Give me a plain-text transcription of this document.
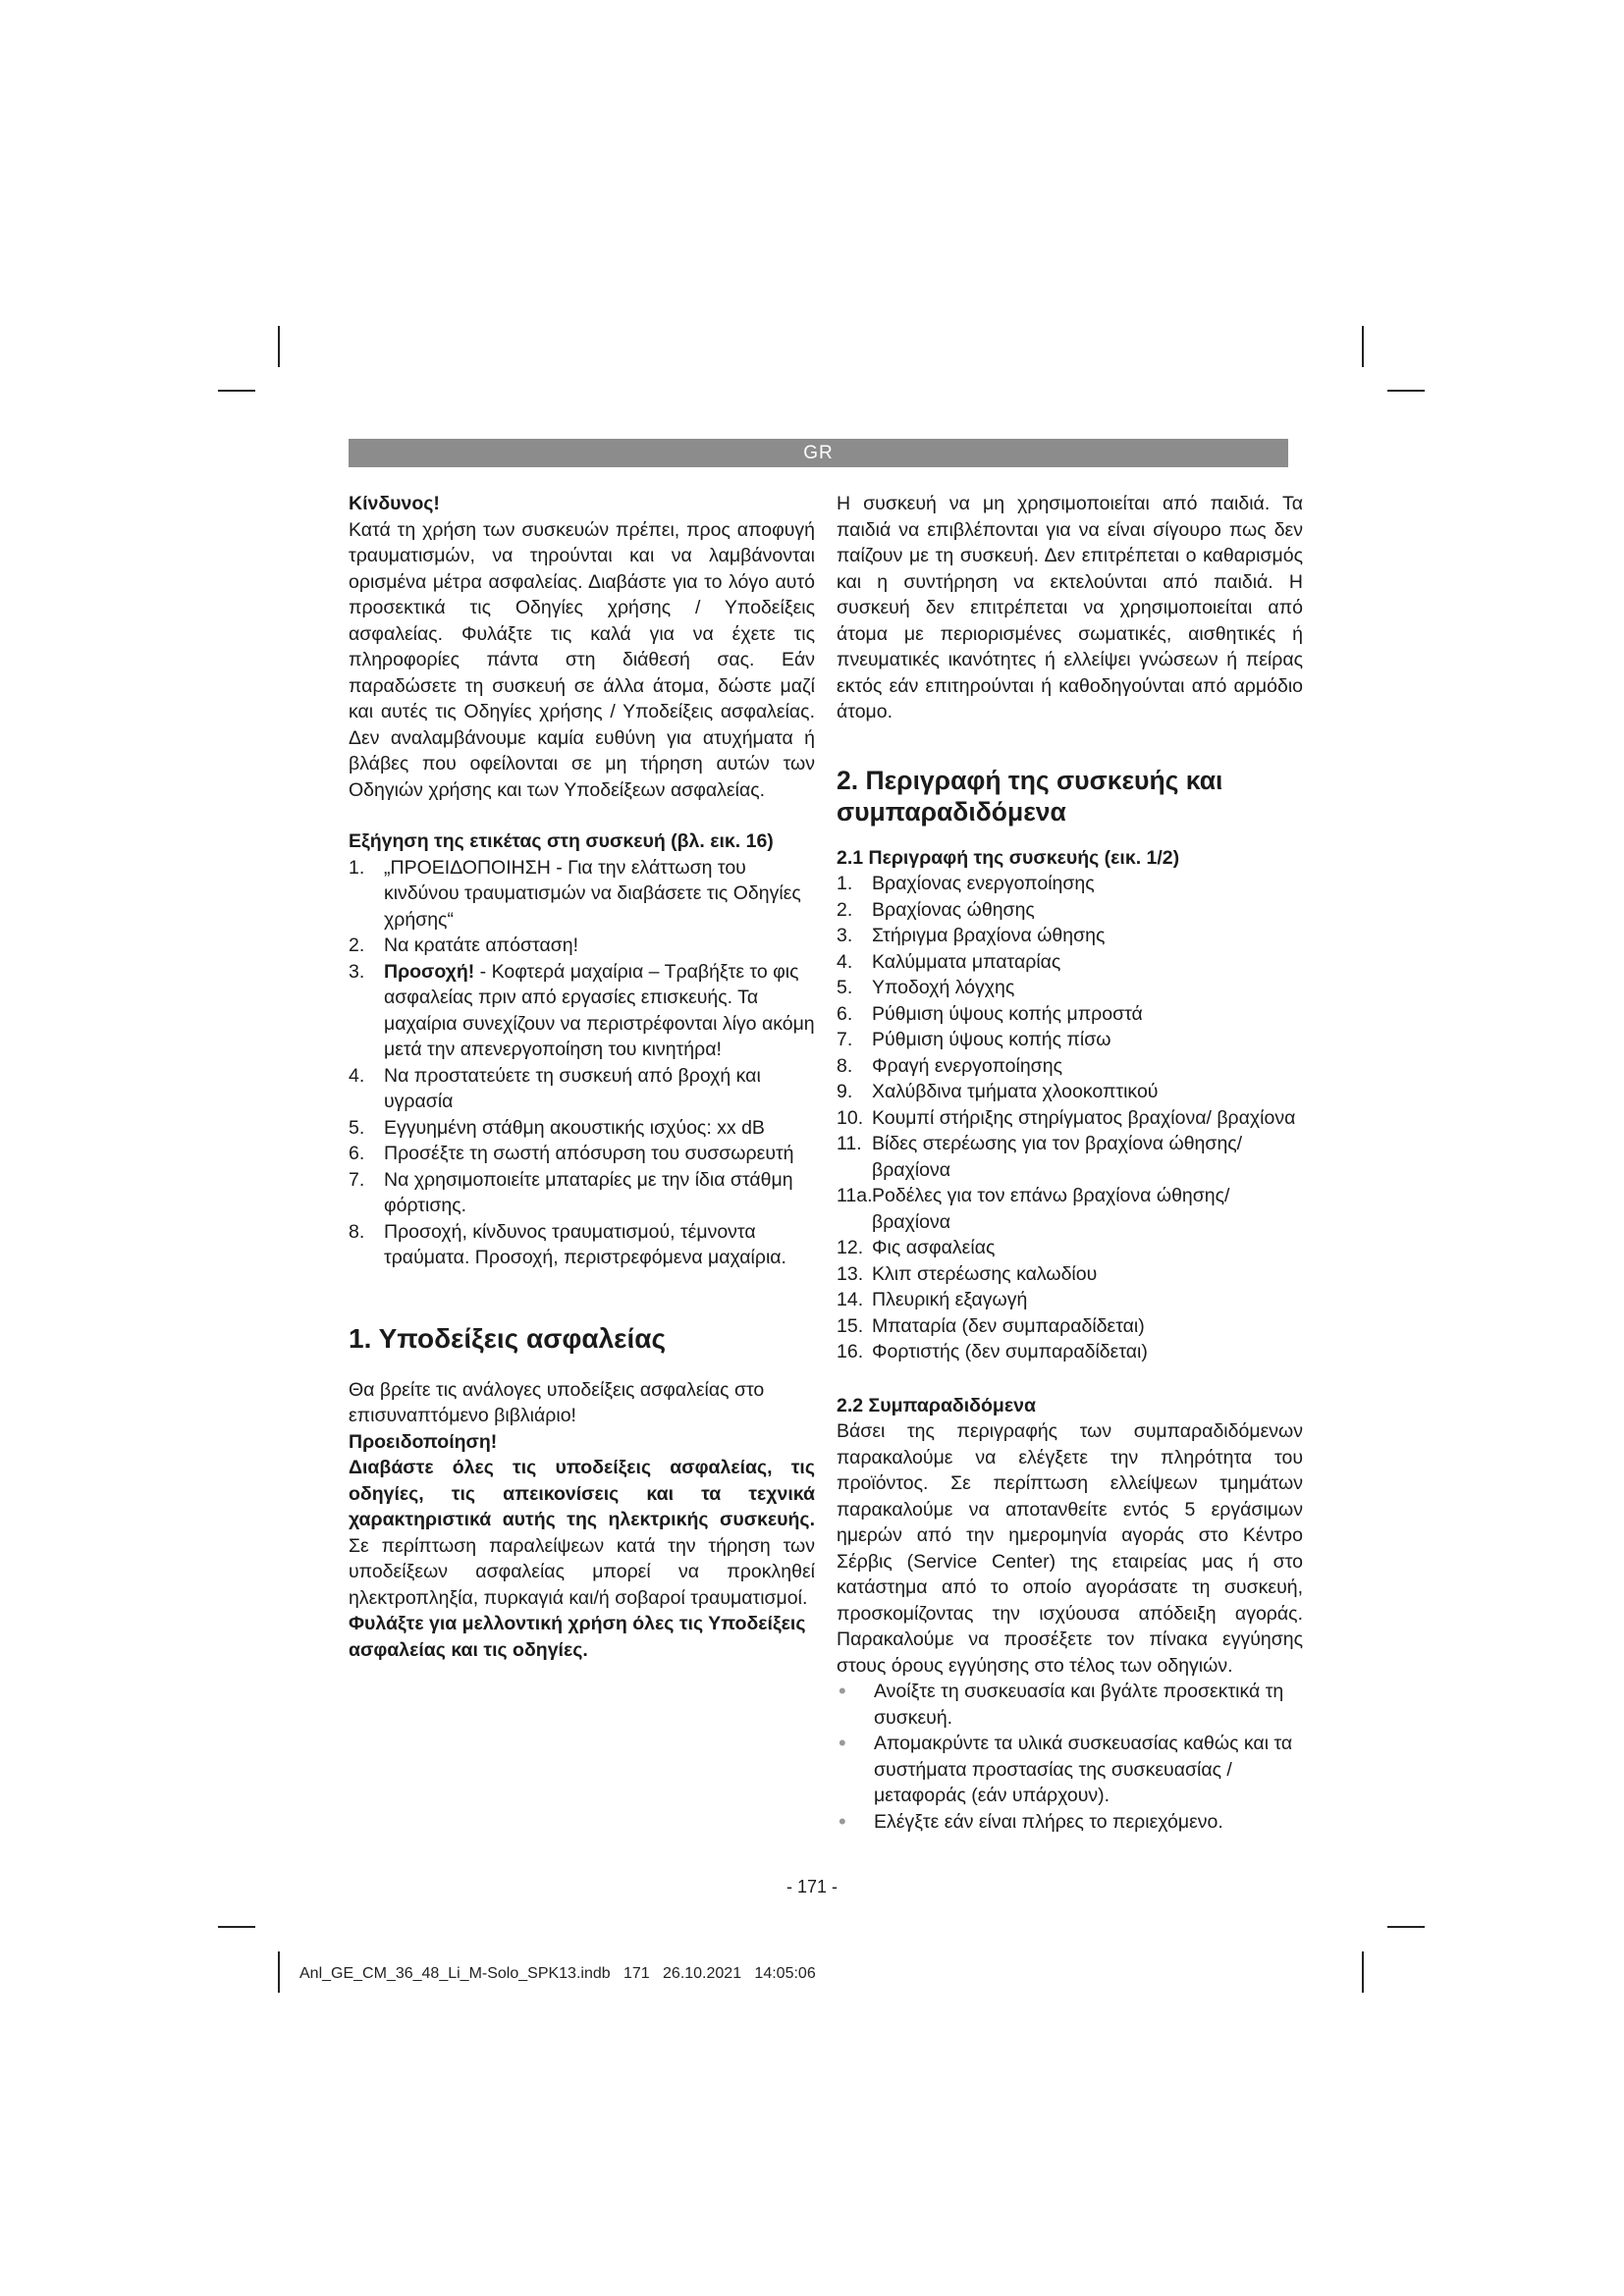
GR

Κίνδυνος!

Κατά τη χρήση των συσκευών πρέπει, προς αποφυγή τραυματισμών, να τηρούνται και να λαμβάνονται ορισμένα μέτρα ασφαλείας. Διαβάστε για το λόγο αυτό προσεκτικά τις Οδηγίες χρήσης / Υποδείξεις ασφαλείας. Φυλάξτε τις καλά για να έχετε τις πληροφορίες πάντα στη διάθεσή σας. Εάν παραδώσετε τη συσκευή σε άλλα άτομα, δώστε μαζί και αυτές τις Οδηγίες χρήσης / Υποδείξεις ασφαλείας. Δεν αναλαμβάνουμε καμία ευθύνη για ατυχήματα ή βλάβες που οφείλονται σε μη τήρηση αυτών των Οδηγιών χρήσης και των Υποδείξεων ασφαλείας.

Εξήγηση της ετικέτας στη συσκευή (βλ. εικ. 16)

1. „ΠΡΟΕΙΔΟΠΟΙΗΣΗ - Για την ελάττωση του κινδύνου τραυματισμών να διαβάσετε τις Οδηγίες χρήσης“
2. Να κρατάτε απόσταση!
3. Προσοχή! - Κοφτερά μαχαίρια – Τραβήξτε το φις ασφαλείας πριν από εργασίες επισκευής. Τα μαχαίρια συνεχίζουν να περιστρέφονται λίγο ακόμη μετά την απενεργοποίηση του κινητήρα!
4. Να προστατεύετε τη συσκευή από βροχή και υγρασία
5. Εγγυημένη στάθμη ακουστικής ισχύος: xx dB
6. Προσέξτε τη σωστή απόσυρση του συσσωρευτή
7. Να χρησιμοποιείτε μπαταρίες με την ίδια στάθμη φόρτισης.
8. Προσοχή, κίνδυνος τραυματισμού, τέμνοντα τραύματα. Προσοχή, περιστρεφόμενα μαχαίρια.

1. Υποδείξεις ασφαλείας

Θα βρείτε τις ανάλογες υποδείξεις ασφαλείας στο επισυναπτόμενο βιβλιάριο!

Προειδοποίηση!

Διαβάστε όλες τις υποδείξεις ασφαλείας, τις οδηγίες, τις απεικονίσεις και τα τεχνικά χαρακτηριστικά αυτής της ηλεκτρικής συσκευής. Σε περίπτωση παραλείψεων κατά την τήρηση των υποδείξεων ασφαλείας μπορεί να προκληθεί ηλεκτροπληξία, πυρκαγιά και/ή σοβαροί τραυματισμοί.

Φυλάξτε για μελλοντική χρήση όλες τις Υποδείξεις ασφαλείας και τις οδηγίες.

Η συσκευή να μη χρησιμοποιείται από παιδιά. Τα παιδιά να επιβλέπονται για να είναι σίγουρο πως δεν παίζουν με τη συσκευή. Δεν επιτρέπεται ο καθαρισμός και η συντήρηση να εκτελούνται από παιδιά. Η συσκευή δεν επιτρέπεται να χρησιμοποιείται από άτομα με περιορισμένες σωματικές, αισθητικές ή πνευματικές ικανότητες ή ελλείψει γνώσεων ή πείρας εκτός εάν επιτηρούνται ή καθοδηγούνται από αρμόδιο άτομο.

2. Περιγραφή της συσκευής και συμπαραδιδόμενα

2.1 Περιγραφή της συσκευής (εικ. 1/2)

1. Βραχίονας ενεργοποίησης
2. Βραχίονας ώθησης
3. Στήριγμα βραχίονα ώθησης
4. Καλύμματα μπαταρίας
5. Υποδοχή λόγχης
6. Ρύθμιση ύψους κοπής μπροστά
7. Ρύθμιση ύψους κοπής πίσω
8. Φραγή ενεργοποίησης
9. Χαλύβδινα τμήματα χλοοκοπτικού
10. Κουμπί στήριξης στηρίγματος βραχίονα/ βραχίονα
11. Βίδες στερέωσης για τον βραχίονα ώθησης/ βραχίονα
11a. Ροδέλες για τον επάνω βραχίονα ώθησης/ βραχίονα
12. Φις ασφαλείας
13. Κλιπ στερέωσης καλωδίου
14. Πλευρική εξαγωγή
15. Μπαταρία (δεν συμπαραδίδεται)
16. Φορτιστής (δεν συμπαραδίδεται)

2.2 Συμπαραδιδόμενα

Βάσει της περιγραφής των συμπαραδιδόμενων παρακαλούμε να ελέγξετε την πληρότητα του προϊόντος. Σε περίπτωση ελλείψεων τμημάτων παρακαλούμε να αποτανθείτε εντός 5 εργάσιμων ημερών από την ημερομηνία αγοράς στο Κέντρο Σέρβις (Service Center) της εταιρείας μας ή στο κατάστημα από το οποίο αγοράσατε τη συσκευή, προσκομίζοντας την ισχύουσα απόδειξη αγοράς. Παρακαλούμε να προσέξετε τον πίνακα εγγύησης στους όρους εγγύησης στο τέλος των οδηγιών.

• Ανοίξτε τη συσκευασία και βγάλτε προσεκτικά τη συσκευή.
• Απομακρύντε τα υλικά συσκευασίας καθώς και τα συστήματα προστασίας της συσκευασίας / μεταφοράς (εάν υπάρχουν).
• Ελέγξτε εάν είναι πλήρες το περιεχόμενο.
- 171 -
Anl_GE_CM_36_48_Li_M-Solo_SPK13.indb   171   26.10.2021   14:05:06
